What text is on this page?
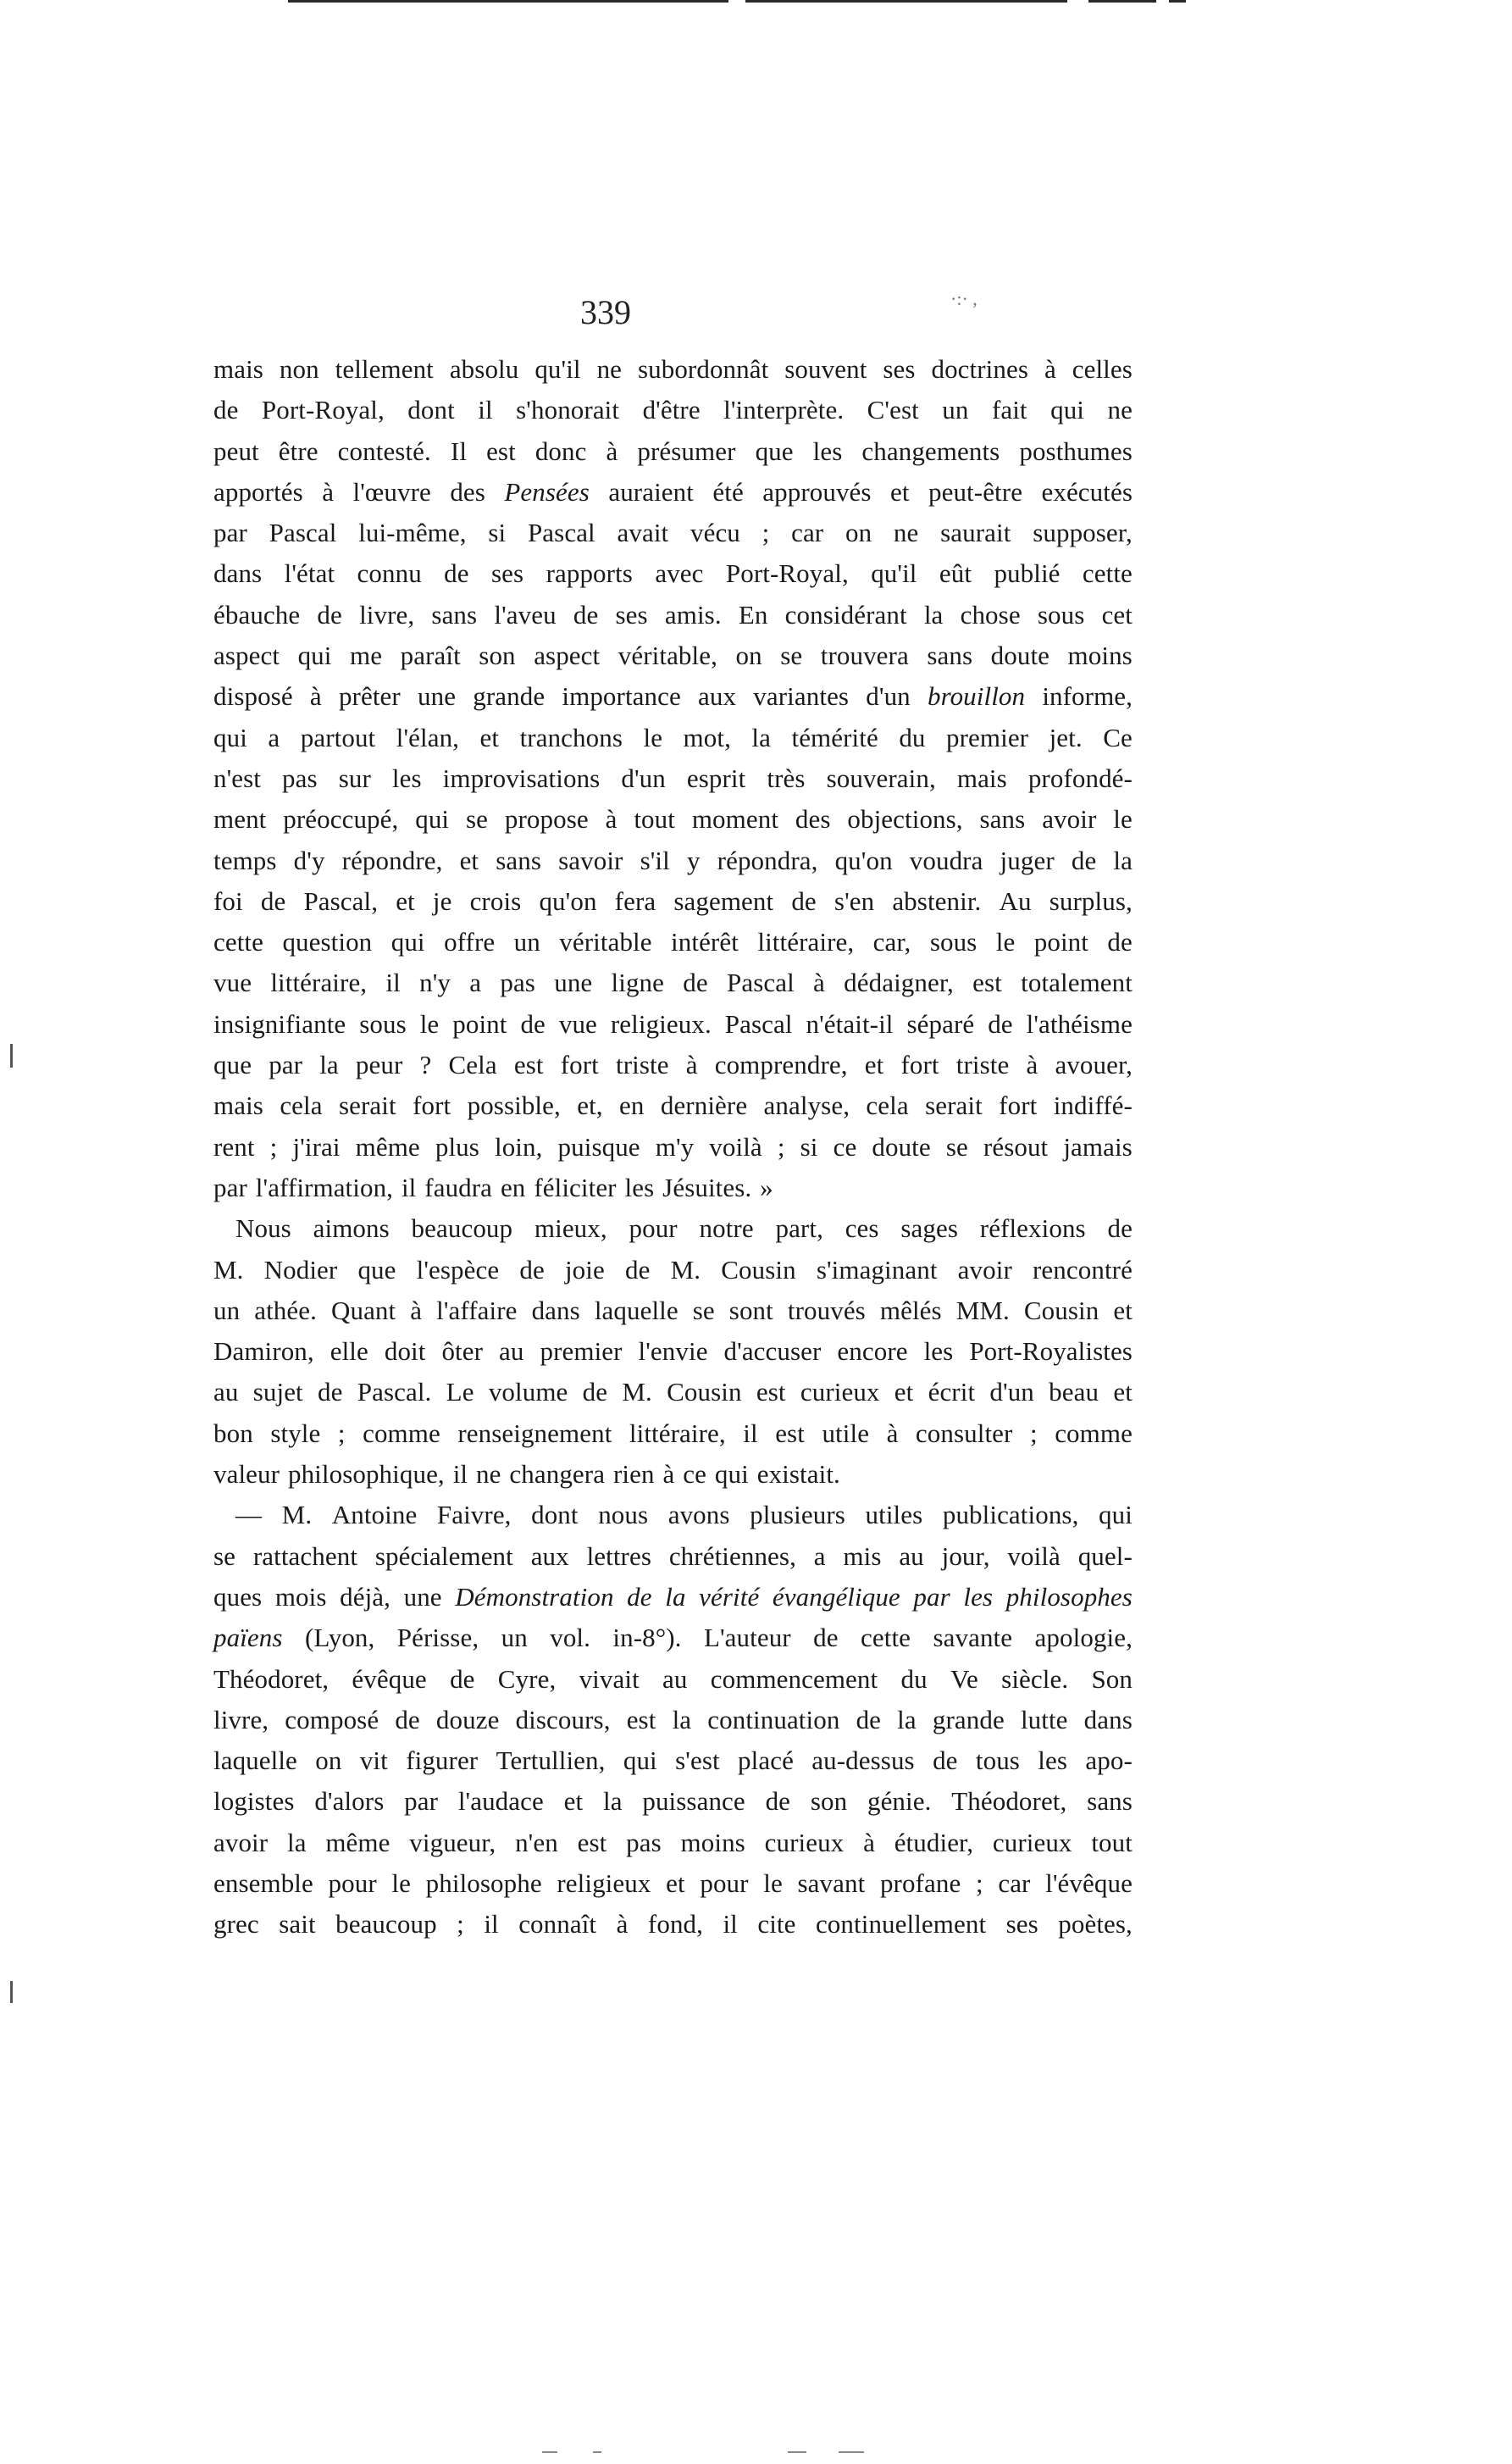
·:· ,
339
mais non tellement absolu qu'il ne subordonnât souvent ses doctrines à celles
de Port-Royal, dont il s'honorait d'être l'interprète. C'est un fait qui ne
peut être contesté. Il est donc à présumer que les changements posthumes
apportés à l'œuvre des Pensées auraient été approuvés et peut-être exécutés
par Pascal lui-même, si Pascal avait vécu ; car on ne saurait supposer,
dans l'état connu de ses rapports avec Port-Royal, qu'il eût publié cette
ébauche de livre, sans l'aveu de ses amis. En considérant la chose sous cet
aspect qui me paraît son aspect véritable, on se trouvera sans doute moins
disposé à prêter une grande importance aux variantes d'un brouillon informe,
qui a partout l'élan, et tranchons le mot, la témérité du premier jet. Ce
n'est pas sur les improvisations d'un esprit très souverain, mais profondé-
ment préoccupé, qui se propose à tout moment des objections, sans avoir le
temps d'y répondre, et sans savoir s'il y répondra, qu'on voudra juger de la
foi de Pascal, et je crois qu'on fera sagement de s'en abstenir. Au surplus,
cette question qui offre un véritable intérêt littéraire, car, sous le point de
vue littéraire, il n'y a pas une ligne de Pascal à dédaigner, est totalement
insignifiante sous le point de vue religieux. Pascal n'était-il séparé de l'athéisme
que par la peur ? Cela est fort triste à comprendre, et fort triste à avouer,
mais cela serait fort possible, et, en dernière analyse, cela serait fort indiffé-
rent ; j'irai même plus loin, puisque m'y voilà ; si ce doute se résout jamais
par l'affirmation, il faudra en féliciter les Jésuites. »
Nous aimons beaucoup mieux, pour notre part, ces sages réflexions de
M. Nodier que l'espèce de joie de M. Cousin s'imaginant avoir rencontré
un athée. Quant à l'affaire dans laquelle se sont trouvés mêlés MM. Cousin et
Damiron, elle doit ôter au premier l'envie d'accuser encore les Port-Royalistes
au sujet de Pascal. Le volume de M. Cousin est curieux et écrit d'un beau et
bon style ; comme renseignement littéraire, il est utile à consulter ; comme
valeur philosophique, il ne changera rien à ce qui existait.
— M. Antoine Faivre, dont nous avons plusieurs utiles publications, qui
se rattachent spécialement aux lettres chrétiennes, a mis au jour, voilà quel-
ques mois déjà, une Démonstration de la vérité évangélique par les philosophes
païens (Lyon, Périsse, un vol. in-8°). L'auteur de cette savante apologie,
Théodoret, évêque de Cyre, vivait au commencement du Ve siècle. Son
livre, composé de douze discours, est la continuation de la grande lutte dans
laquelle on vit figurer Tertullien, qui s'est placé au-dessus de tous les apo-
logistes d'alors par l'audace et la puissance de son génie. Théodoret, sans
avoir la même vigueur, n'en est pas moins curieux à étudier, curieux tout
ensemble pour le philosophe religieux et pour le savant profane ; car l'évêque
grec sait beaucoup ; il connaît à fond, il cite continuellement ses poètes,
